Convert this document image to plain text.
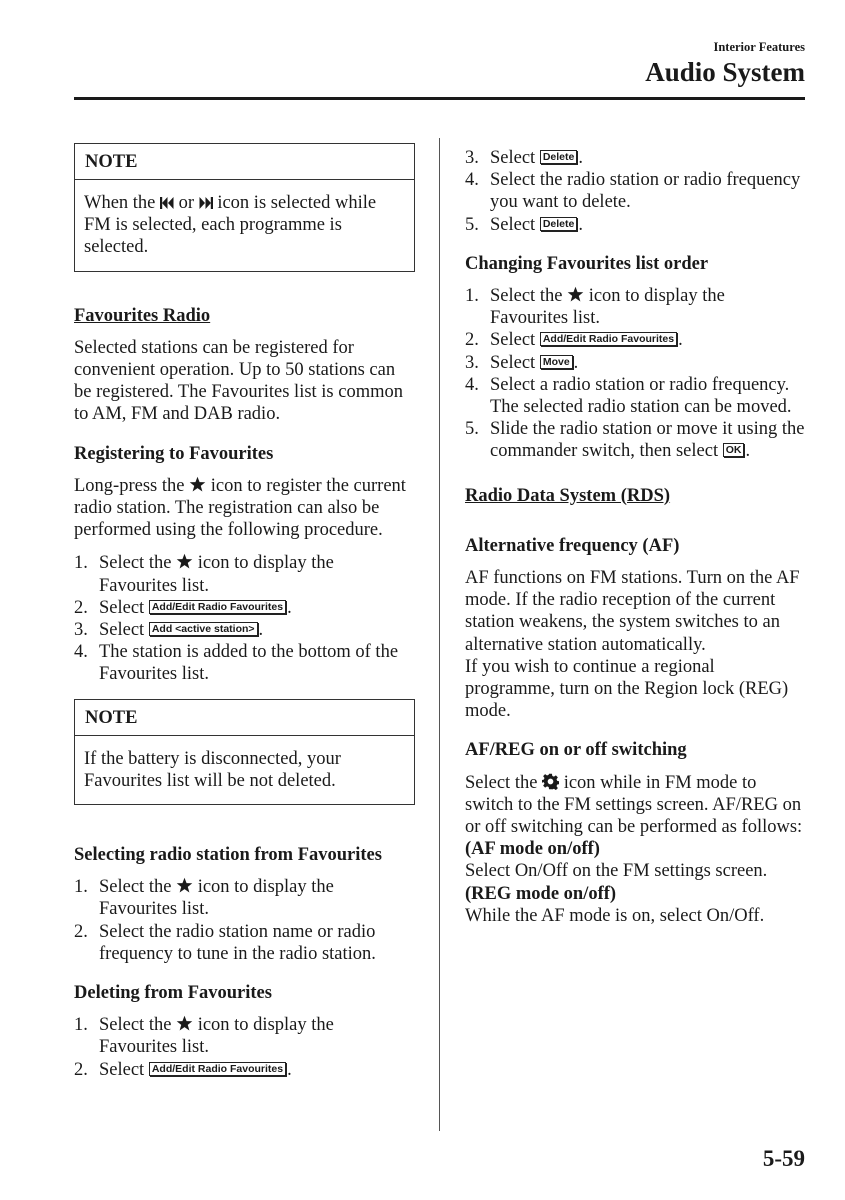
Interior Features
Audio System
NOTE
When the or icon is selected while FM is selected, each programme is selected.
Favourites Radio
Selected stations can be registered for convenient operation. Up to 50 stations can be registered. The Favourites list is common to AM, FM and DAB radio.
Registering to Favourites
Long-press the icon to register the current radio station. The registration can also be performed using the following procedure.
1. Select the icon to display the Favourites list.
2. Select Add/Edit Radio Favourites .
3. Select Add <active station> .
4. The station is added to the bottom of the Favourites list.
NOTE
If the battery is disconnected, your Favourites list will be not deleted.
Selecting radio station from Favourites
1. Select the icon to display the Favourites list.
2. Select the radio station name or radio frequency to tune in the radio station.
Deleting from Favourites
1. Select the icon to display the Favourites list.
2. Select Add/Edit Radio Favourites .
3. Select Delete .
4. Select the radio station or radio frequency you want to delete.
5. Select Delete .
Changing Favourites list order
1. Select the icon to display the Favourites list.
2. Select Add/Edit Radio Favourites .
3. Select Move .
4. Select a radio station or radio frequency. The selected radio station can be moved.
5. Slide the radio station or move it using the commander switch, then select OK .
Radio Data System (RDS)
Alternative frequency (AF)
AF functions on FM stations. Turn on the AF mode. If the radio reception of the current station weakens, the system switches to an alternative station automatically.
If you wish to continue a regional programme, turn on the Region lock (REG) mode.
AF/REG on or off switching
Select the icon while in FM mode to switch to the FM settings screen. AF/REG on or off switching can be performed as follows:
(AF mode on/off)
Select On/Off on the FM settings screen.
(REG mode on/off)
While the AF mode is on, select On/Off.
5-59
